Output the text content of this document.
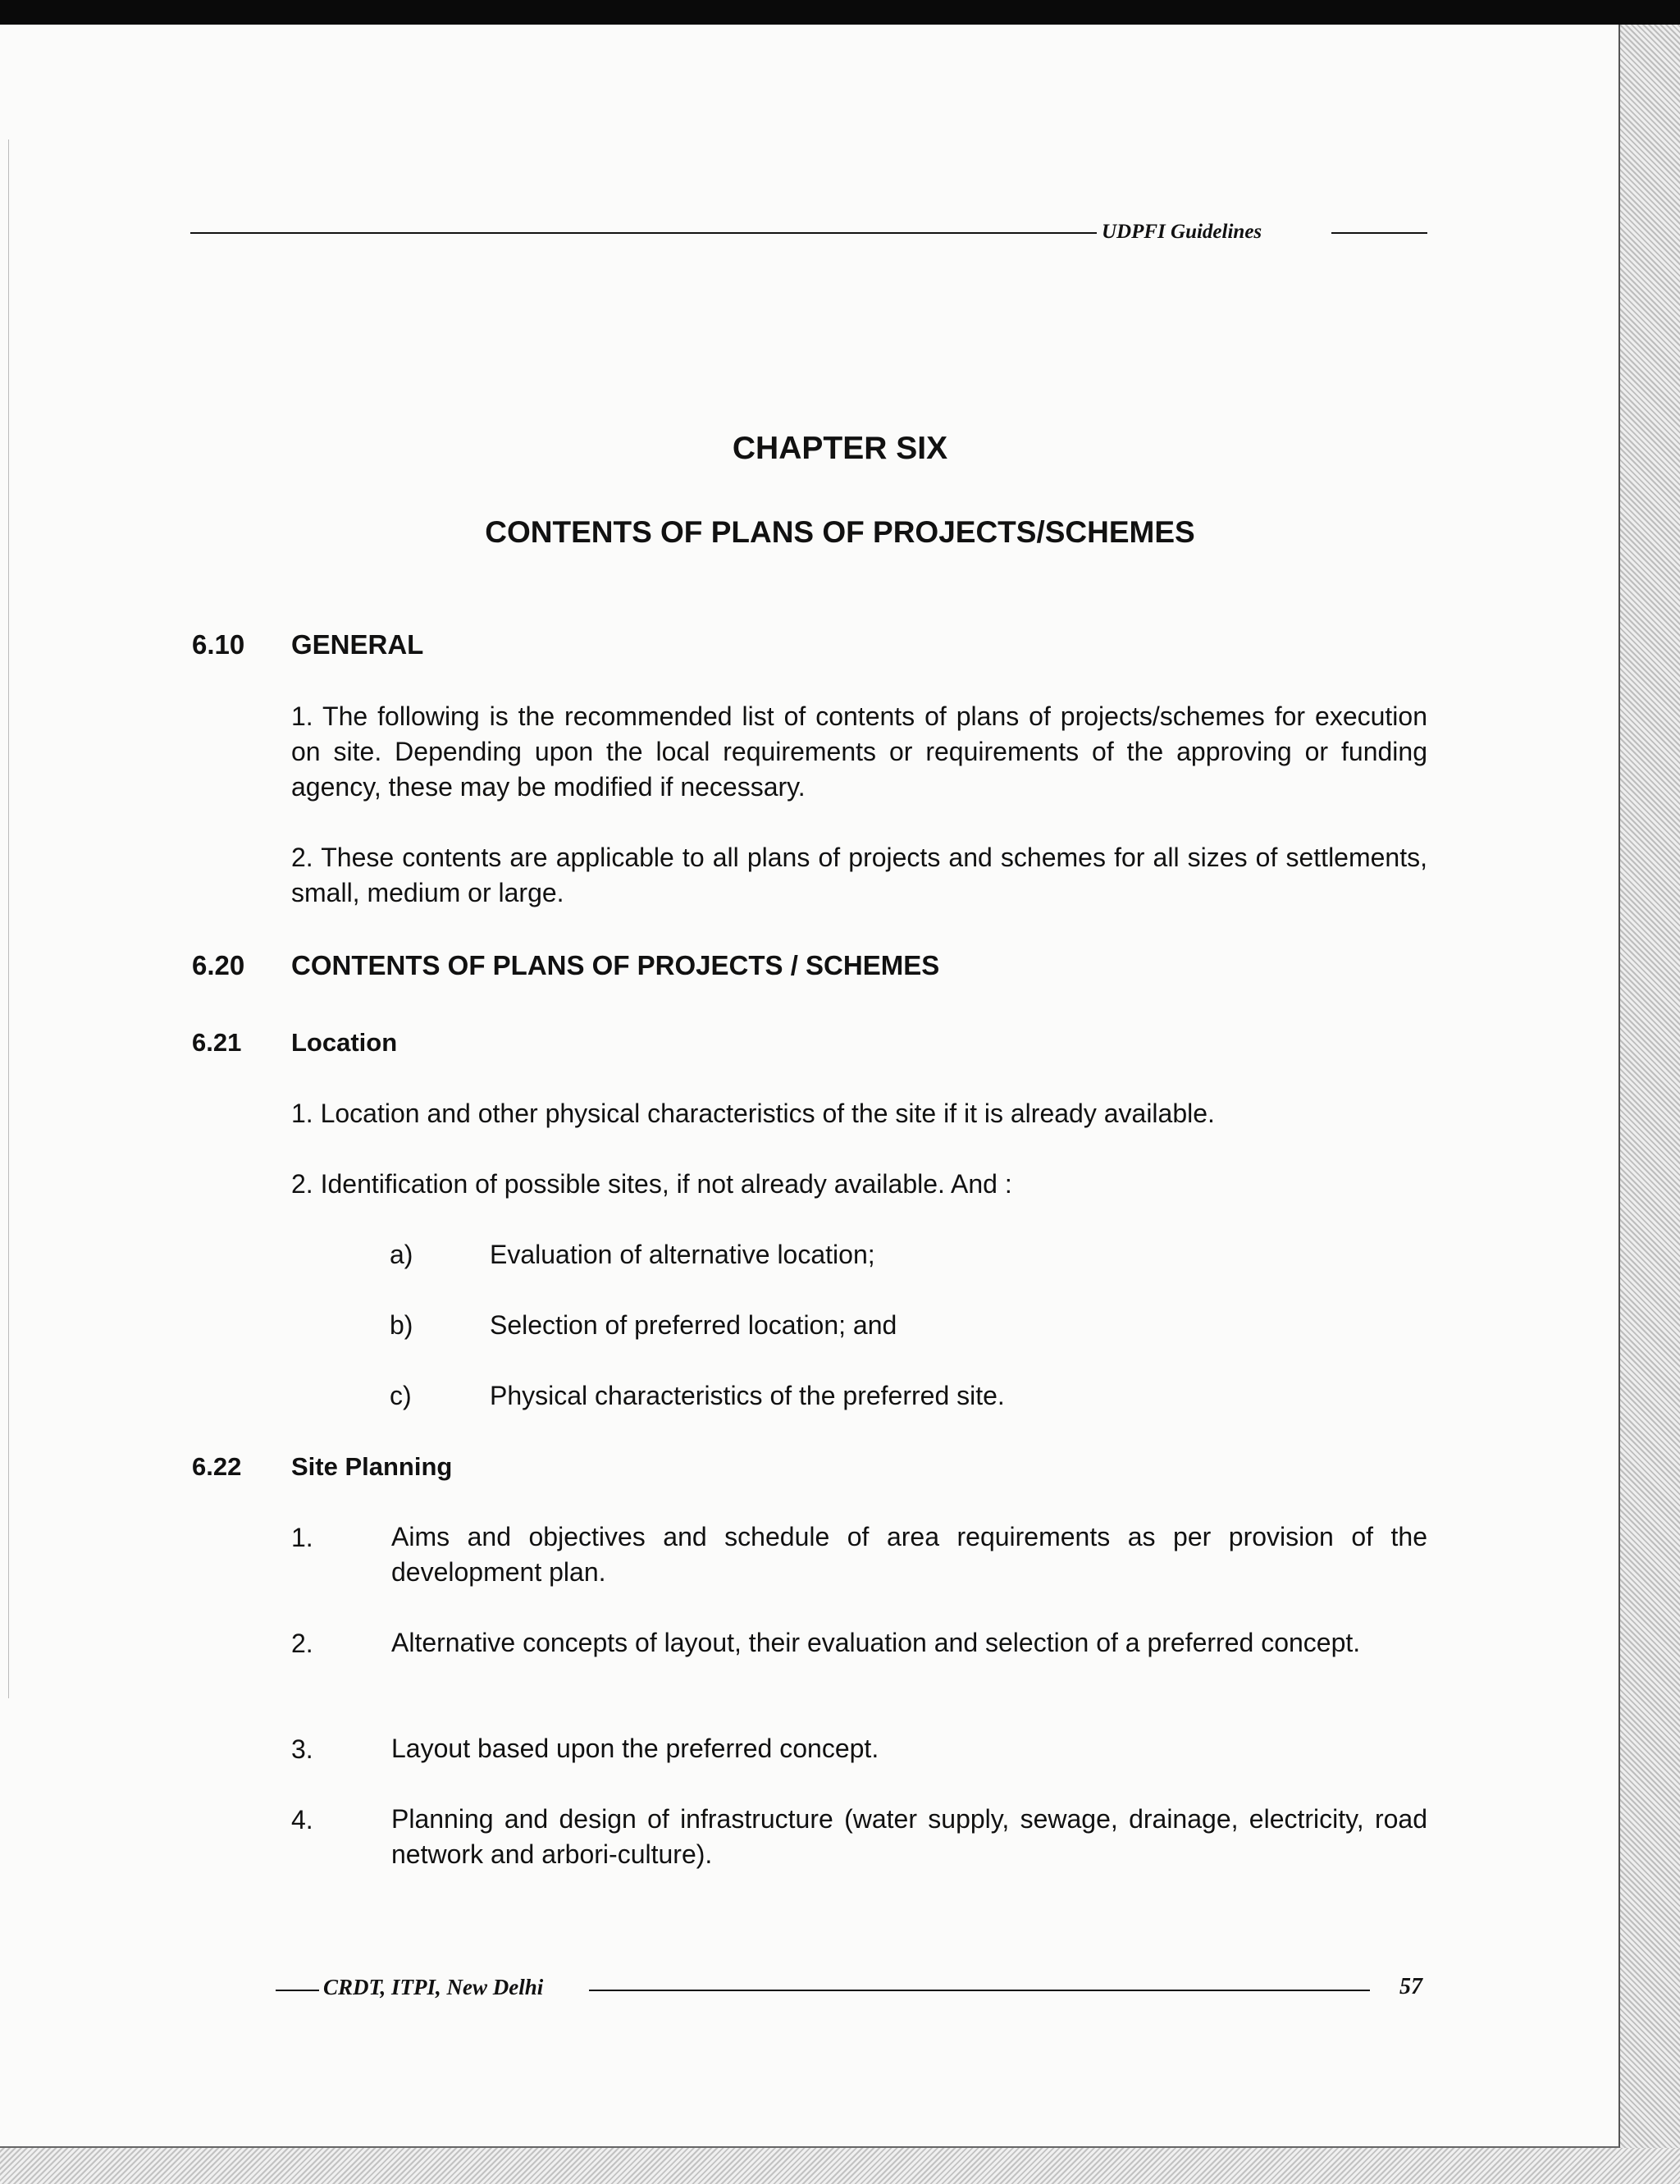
UDPFI Guidelines
CHAPTER SIX
CONTENTS OF PLANS OF PROJECTS/SCHEMES
6.10 GENERAL
1. The following is the recommended list of contents of plans of projects/schemes for execution on site. Depending upon the local requirements or requirements of the approving or funding agency, these may be modified if necessary.
2. These contents are applicable to all plans of projects and schemes for all sizes of settlements, small, medium or large.
6.20 CONTENTS OF PLANS OF PROJECTS / SCHEMES
6.21 Location
1. Location and other physical characteristics of the site if it is already available.
2. Identification of possible sites, if not already available. And :
a)	Evaluation of alternative location;
b)	Selection of preferred location; and
c)	Physical characteristics of the preferred site.
6.22 Site Planning
1.	Aims and objectives and schedule of area requirements as per provision of the development plan.
2.	Alternative concepts of layout, their evaluation and selection of a preferred concept.
3.	Layout based upon the preferred concept.
4.	Planning and design of infrastructure (water supply, sewage, drainage, electricity, road network and arbori-culture).
CRDT, ITPI, New Delhi	57
